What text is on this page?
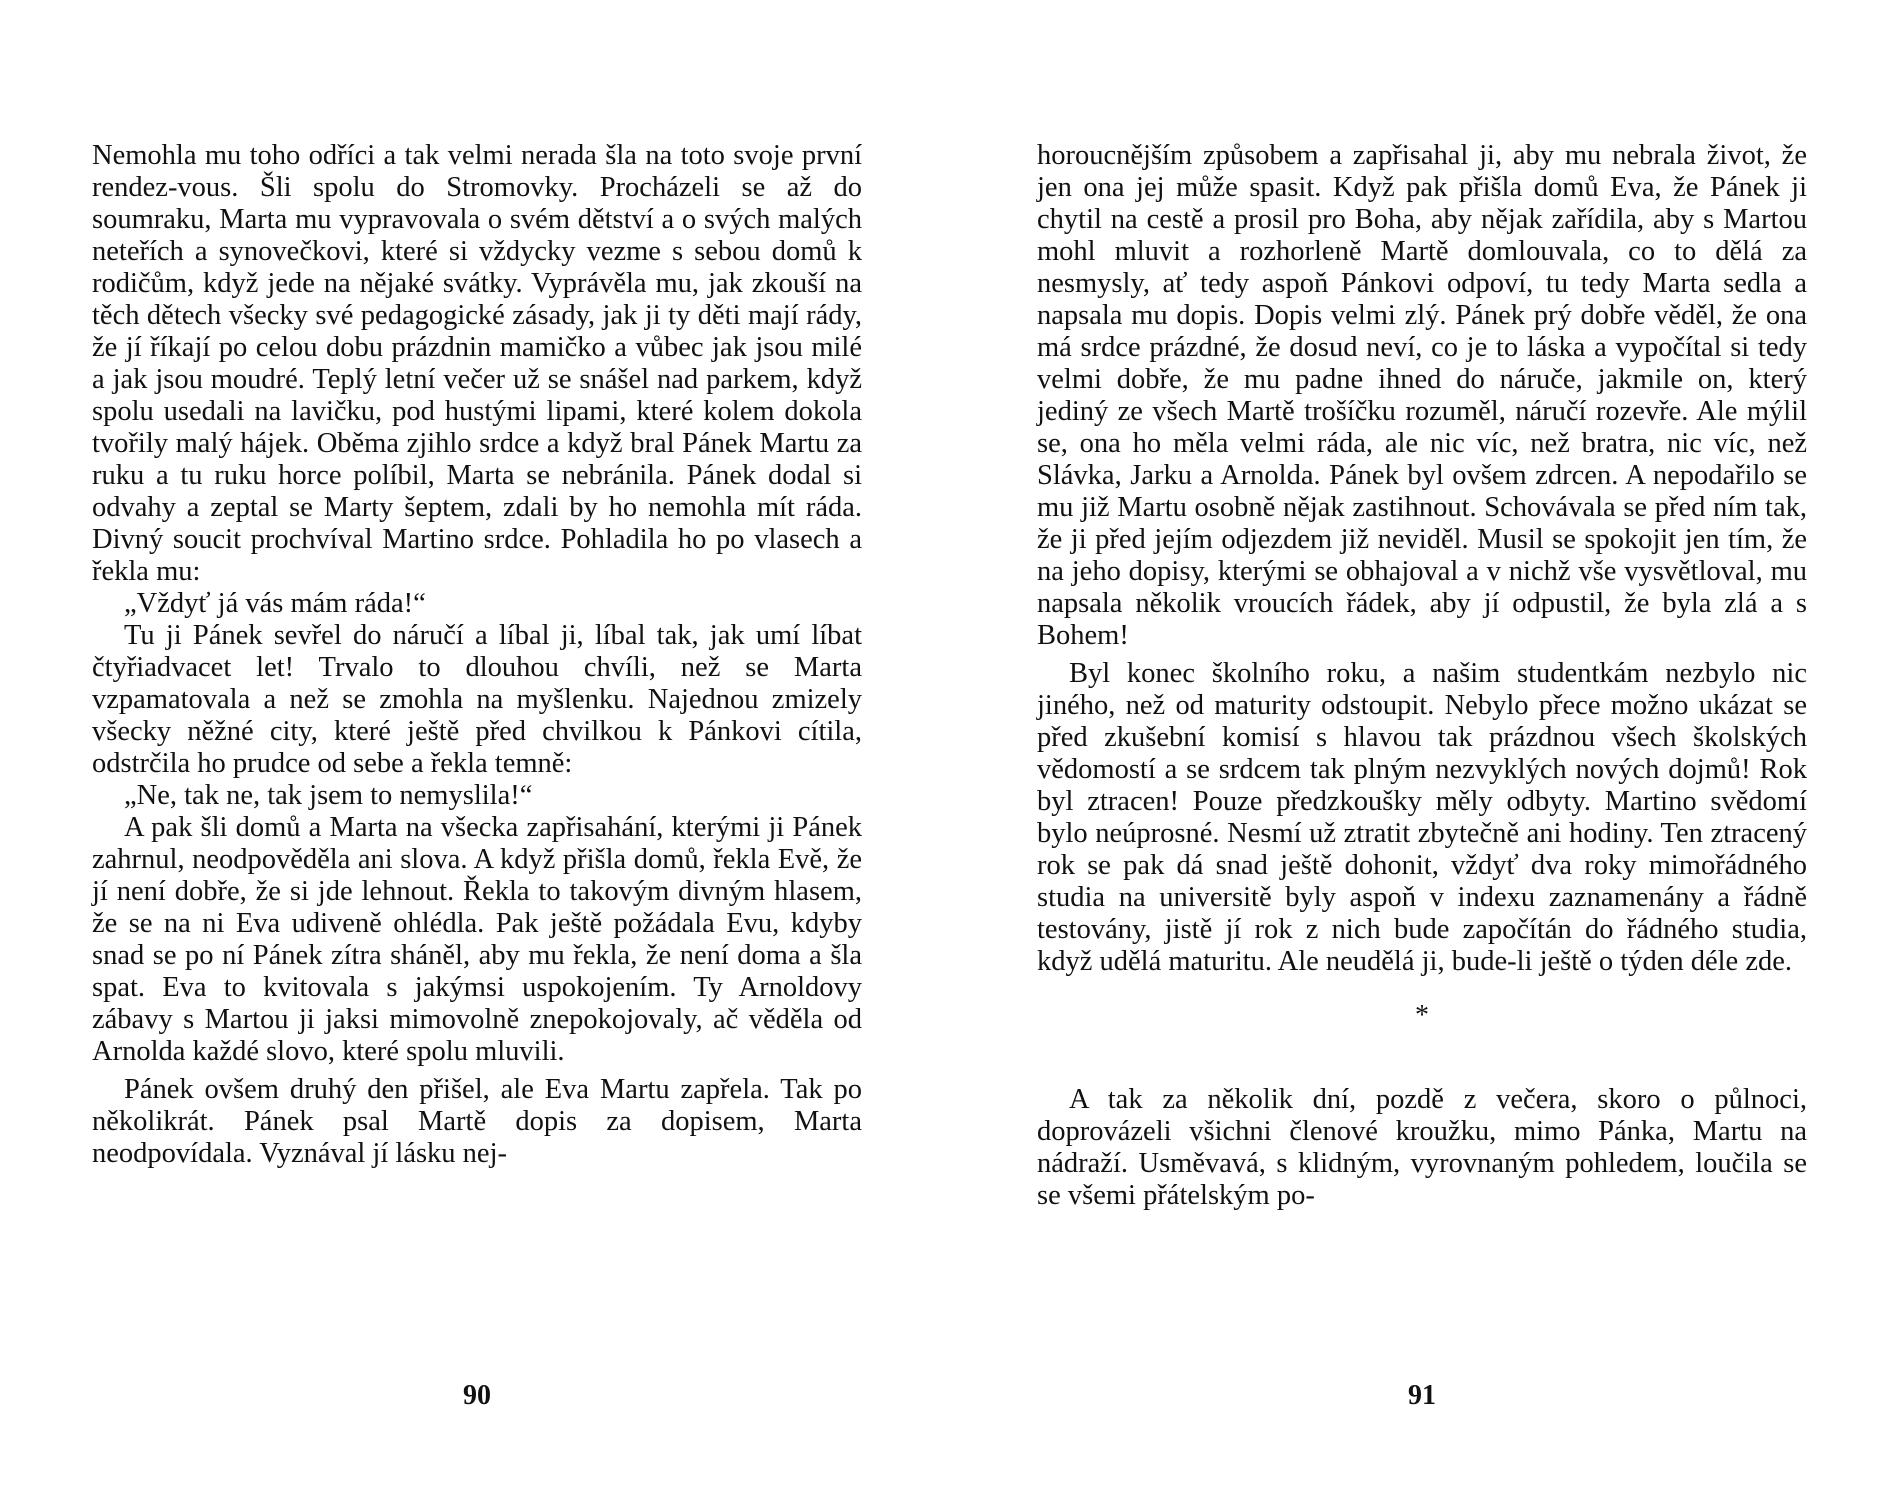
Nemohla mu toho odříci a tak velmi nerada šla na toto svoje první rendez-vous. Šli spolu do Stromovky. Procházeli se až do soumraku, Marta mu vypravovala o svém dětství a o svých malých neteřích a synovečkovi, které si vždycky vezme s sebou domů k rodičům, když jede na nějaké svátky. Vyprávěla mu, jak zkouší na těch dětech všecky své pedagogické zásady, jak ji ty děti mají rády, že jí říkají po celou dobu prázdnin mamičko a vůbec jak jsou milé a jak jsou moudré. Teplý letní večer už se snášel nad parkem, když spolu usedali na lavičku, pod hustými lipami, které kolem dokola tvořily malý hájek. Oběma zjihlo srdce a když bral Pánek Martu za ruku a tu ruku horce políbil, Marta se nebránila. Pánek dodal si odvahy a zeptal se Marty šeptem, zdali by ho nemohla mít ráda. Divný soucit prochvíval Martino srdce. Pohladila ho po vlasech a řekla mu:

„Vždyť já vás mám ráda!“

Tu ji Pánek sevřel do náručí a líbal ji, líbal tak, jak umí líbat čtyřiadvacet let! Trvalo to dlouhou chvíli, než se Marta vzpamatovala a než se zmohla na myšlenku. Najednou zmizely všecky něžné city, které ještě před chvilkou k Pánkovi cítila, odstrčila ho prudce od sebe a řekla temně:

„Ne, tak ne, tak jsem to nemyslila!“

A pak šli domů a Marta na všecka zapřisahání, kterými ji Pánek zahrnul, neodpověděla ani slova. A když přišla domů, řekla Evě, že jí není dobře, že si jde lehnout. Řekla to takovým divným hlasem, že se na ni Eva udiveně ohlédla. Pak ještě požádala Evu, kdyby snad se po ní Pánek zítra sháněl, aby mu řekla, že není doma a šla spat. Eva to kvitovala s jakýmsi uspokojením. Ty Arnoldovy zábavy s Martou ji jaksi mimovolně znepokojovaly, ač věděla od Arnolda každé slovo, které spolu mluvili.

Pánek ovšem druhý den přišel, ale Eva Martu zapřela. Tak po několikrát. Pánek psal Martě dopis za dopisem, Marta neodpovídala. Vyznával jí lásku nej-

90

horoucnějším způsobem a zapřisahal ji, aby mu nebrala život, že jen ona jej může spasit. Když pak přišla domů Eva, že Pánek ji chytil na cestě a prosil pro Boha, aby nějak zařídila, aby s Martou mohl mluvit a rozhorleně Martě domlouvala, co to dělá za nesmysly, ať tedy aspoň Pánkovi odpoví, tu tedy Marta sedla a napsala mu dopis. Dopis velmi zlý. Pánek prý dobře věděl, že ona má srdce prázdné, že dosud neví, co je to láska a vypočítal si tedy velmi dobře, že mu padne ihned do náruče, jakmile on, který jediný ze všech Martě trošíčku rozuměl, náručí rozevře. Ale mýlil se, ona ho měla velmi ráda, ale nic víc, než bratra, nic víc, než Slávka, Jarku a Arnolda. Pánek byl ovšem zdrcen. A nepodařilo se mu již Martu osobně nějak zastihnout. Schovávala se před ním tak, že ji před jejím odjezdem již neviděl. Musil se spokojit jen tím, že na jeho dopisy, kterými se obhajoval a v nichž vše vysvětloval, mu napsala několik vroucích řádek, aby jí odpustil, že byla zlá a s Bohem!

Byl konec školního roku, a našim studentkám nezbylo nic jiného, než od maturity odstoupit. Nebylo přece možno ukázat se před zkušební komisí s hlavou tak prázdnou všech školských vědomostí a se srdcem tak plným nezvyklých nových dojmů! Rok byl ztracen! Pouze předzkoušky měly odbyty. Martino svědomí bylo neúprosné. Nesmí už ztratit zbytečně ani hodiny. Ten ztracený rok se pak dá snad ještě dohonit, vždyť dva roky mimořádného studia na universitě byly aspoň v indexu zaznamenány a řádně testovány, jistě jí rok z nich bude započítán do řádného studia, když udělá maturitu. Ale neudělá ji, bude-li ještě o týden déle zde.

*

A tak za několik dní, pozdě z večera, skoro o půlnoci, doprovázeli všichni členové kroužku, mimo Pánka, Martu na nádraží. Usměvavá, s klidným, vyrovnaným pohledem, loučila se se všemi přátelským po-

91
